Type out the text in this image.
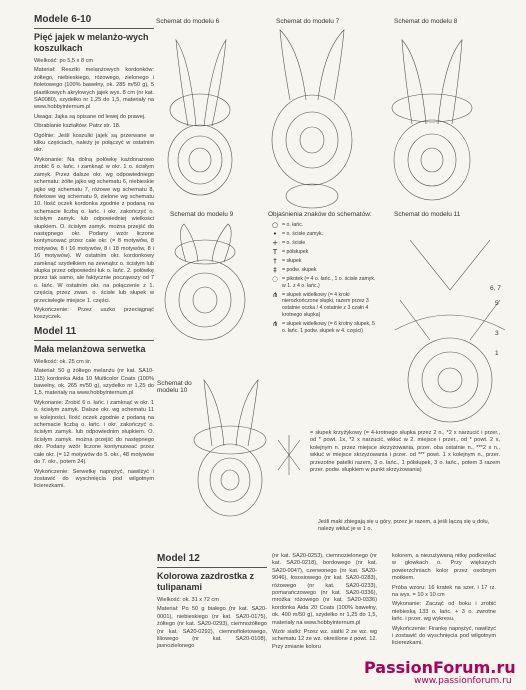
Schemat do modelu 6	Schemat do modelu 7	Schemat do modelu 8
Schemat do modelu 9
Schemat do modelu 10
Schemat do modelu 11
6, 7
5
3
1
Modele 6-10
Pięć jajek w melanżo-wych koszulkach

Wielkość: po 5,5 x 8 cm

Materiał: Resztki melanżowych kordonków: żółtego, niebieskiego, różowego, zielonego i fioletowego (100% bawełny, ok. 285 m/50 g), 5 plastikowych akrylowych jajek wys. 8 cm (nr kat. SA0080), szydełko nr 1,25 do 1,5, materiały na www.hobbyinternum.pl

Uwaga: Jajka są opisane od lewej do prawej.

Obrabianie kształtów: Patrz str. 18.

Ogólnie: Jeśli koszulki jajek są przerwane w kilku częściach, należy je połączyć w ostatnim okr.

Wykonanie: Na dolną połówkę każdorazowo zrobić 6 o. łańc. i zamknąć w okr. 1 o. ścisłym zamyk. Przez dalsze okr. wg odpowiedniego schematu: żółte jajko wg schematu 6, niebieskie jajko wg schematu 7, różowe wg schematu 8, fioletowe wg schematu 9, zielone wg schematu 10. Ilość oczek kordonka zgodnie z podaną na schemacie liczbą o. łańc. i okr. zakończyć o. ścisłym zamyk. lub odpowiedniej wielkości słupkiem. O. ścisłym zamyk. można przejść do następnego okr. Podany wzór liczone kontynuować przez całe okr. (= 8 motywów, 8 motywów, 8 i 16 motywów, 8 i 18 motywów, 8 i 16 motywów). W ostatnim okr. kordonkowy zamknąć szydełkiem na zewnątrz o. ścisłym lub słupka przez odpowiedni łuk o. łańc. 2. połówkę przez tak samo, ale faktycznie począwszy od 7 o. łańc. W ostatnim okr. na połączenie z 1. częścią przez zwan. o. ścisłe lub słupek w przeciwległe miejsce 1. części.

Wykończenie: Przez uszko przeciągnąć koszyczek.

Model 11
Mała melanżowa serwetka

Wielkość: ok. 25 cm śr.

Materiał: 50 g żółtego melanżu (nr kat. SA10-115) kordonka Aida 10 Multicolor Coats (100% bawełny, ok. 265 m/50 g), szydełko nr 1,25 do 1,5, materiały na www.hobbyinternum.pl

Wykonanie: Zrobić 6 o. łańc. i zamknąć w okr. 1 o. ścisłym zamyk. Dalsze okr. wg schematu 11 w kolejności. Ilość oczek zgodnie z podaną na schemacie liczbą o. łańc. i okr. zakończyć o. ścisłym zamyk. lub odpowiednim słupkiem. O. ścisłym zamyk. można przejść do następnego okr. Podany wzór liczone kontynuować przez całe okr. (= 12 motywów do 5. okr., 48 motywów do 7. okr., potem 24).

Wykończenie: Serwetkę naprężyć, nawilżyć i zostawić do wyschnięcia pod wilgotnym licierezkami.

Objaśnienia znaków do schematów:
○ = o. łańc.
• = o. ścisłe zamyk.
+ = o. ścisłe
T = półsłupek
†	= słupek
‡	= podw. słupek
◌ = pikotek (= 4 o. łańc., 1 o. ścisłe zamyk. w 1. z 4 o. łańc.)
⋔ = słupek widełkowy (= 4 kroki nierozkończone słupki, razem przez 3 ostatnie oczka / 4 ostatnie z 3 czałn 4 krotnego słupka)
⋔ = słupek widełkowy (= 6 krotny słupek, 5 o. łańc. 1 podw. słupek w 4. części)

= słupek krzyżykowy (= 4-krotnego słupka przez 2 n., *2 x narzucić i przer., od * powt. 1x, *2 x narzucić, wkłuć w 2. miejsce i przer., od * powt. 2 x, kolejnym n. przez miejsce skrzyżowania, przer. oba ostatnie n., ***2 x n., wkłuć w miejsce skrzyżowania i przer. od *** powt. 1 x kolejnym n., przer. przezotne patelki razem, 3 o. łańc., 1 półsłupek, 3 o. łańc., potem 3 razem przer. podw. słupkiem w punkt skrzyżowania)

Jeśli maki zbiegają się u góry, przez je razem, a jeśli łączą się u dołu, należy wkłuć je w 1 o.
Model 12
Kolorowa zazdrostka z tulipanami

Wielkość: ok. 31 x 72 cm

Materiał: Po 50 g białego (nr kat. SA20-0001), niebieskiego (nr kat. SA20-0175), żółtego (nr kat. SA20-0293), ciemnożółtego (nr kat. SA20-0292), ciemnofioletowego, liliowego (nr kat. SA20-0108), jasnozielonego

(nr kat. SA20-0253), ciemnozielonego (nr kat. SA20-0218), bordowego (nr kat. SA20-0047), czerwonego (nr kat. SA20-9046), łososiowego (nr kat. SA20-0283), różowego (nr kat. SA20-0233), pomarańczowego (nr kat. SA20-0336), mrożka różowego (nr kat. SA20-0336) kordonka Aida 20 Coats (100% bawełny, ok. 400 m/50 g), szydełko nr 1,25 do 1,5, materiały na www.hobbyinternum.pl

Wzór siatki: Przez wz. siatki 2 ze wz. wg schematu 12 ze wz. określone z powt. 12. Przy zmianie koloru

kolorem, a niezużywaną nitkę podkreślać w głowkach o. Przy większych powierzchniach kolor przez osobnym motkiem.

Próba wzoru: 16 kratek na szer. i 17 rz. na wys. = 10 x 10 cm

Wykonanie: Zacząć od boku i zrobić niebieską 133 o. łańc. + 3 o. zwrotne łańc. i przer. wg wykresu.

Wykończenie: Firankę naprężyć, nawilżyć i zostawić do wyschnięcia pod wilgotnym licierezkami.

PassionForum.ru
www.passionforum.ru
